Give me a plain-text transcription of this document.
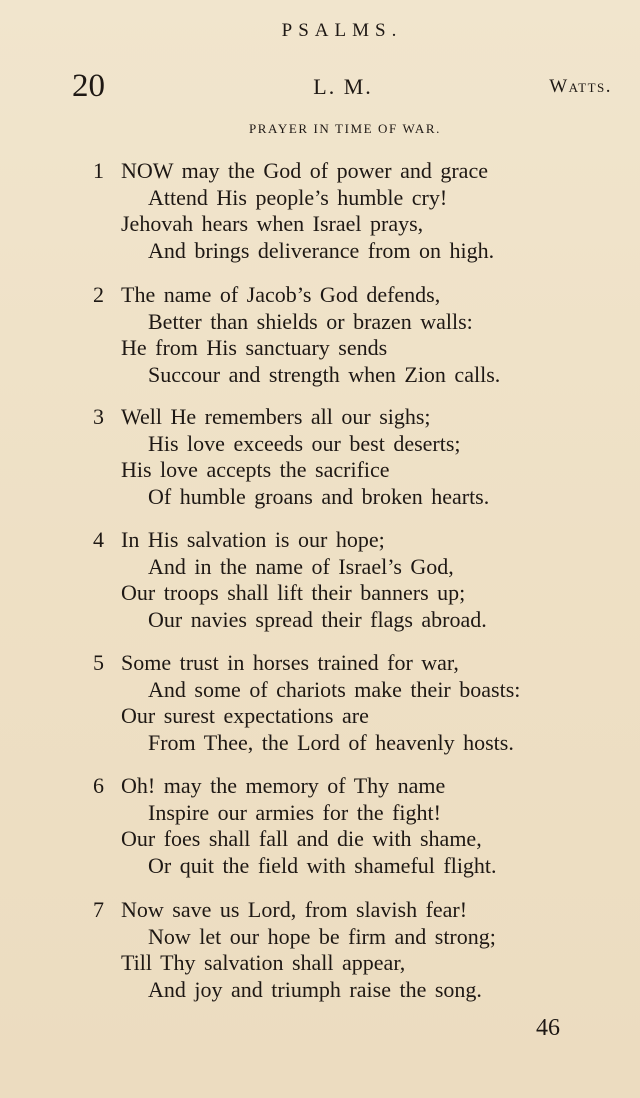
PSALMS.
20	L. M.	Watts.
PRAYER IN TIME OF WAR.
1 NOW may the God of power and grace
Attend His people’s humble cry!
Jehovah hears when Israel prays,
And brings deliverance from on high.
2 The name of Jacob’s God defends,
Better than shields or brazen walls:
He from His sanctuary sends
Succour and strength when Zion calls.
3 Well He remembers all our sighs;
His love exceeds our best deserts;
His love accepts the sacrifice
Of humble groans and broken hearts.
4 In His salvation is our hope;
And in the name of Israel’s God,
Our troops shall lift their banners up;
Our navies spread their flags abroad.
5 Some trust in horses trained for war,
And some of chariots make their boasts:
Our surest expectations are
From Thee, the Lord of heavenly hosts.
6 Oh! may the memory of Thy name
Inspire our armies for the fight!
Our foes shall fall and die with shame,
Or quit the field with shameful flight.
7 Now save us Lord, from slavish fear!
Now let our hope be firm and strong;
Till Thy salvation shall appear,
And joy and triumph raise the song.
46
